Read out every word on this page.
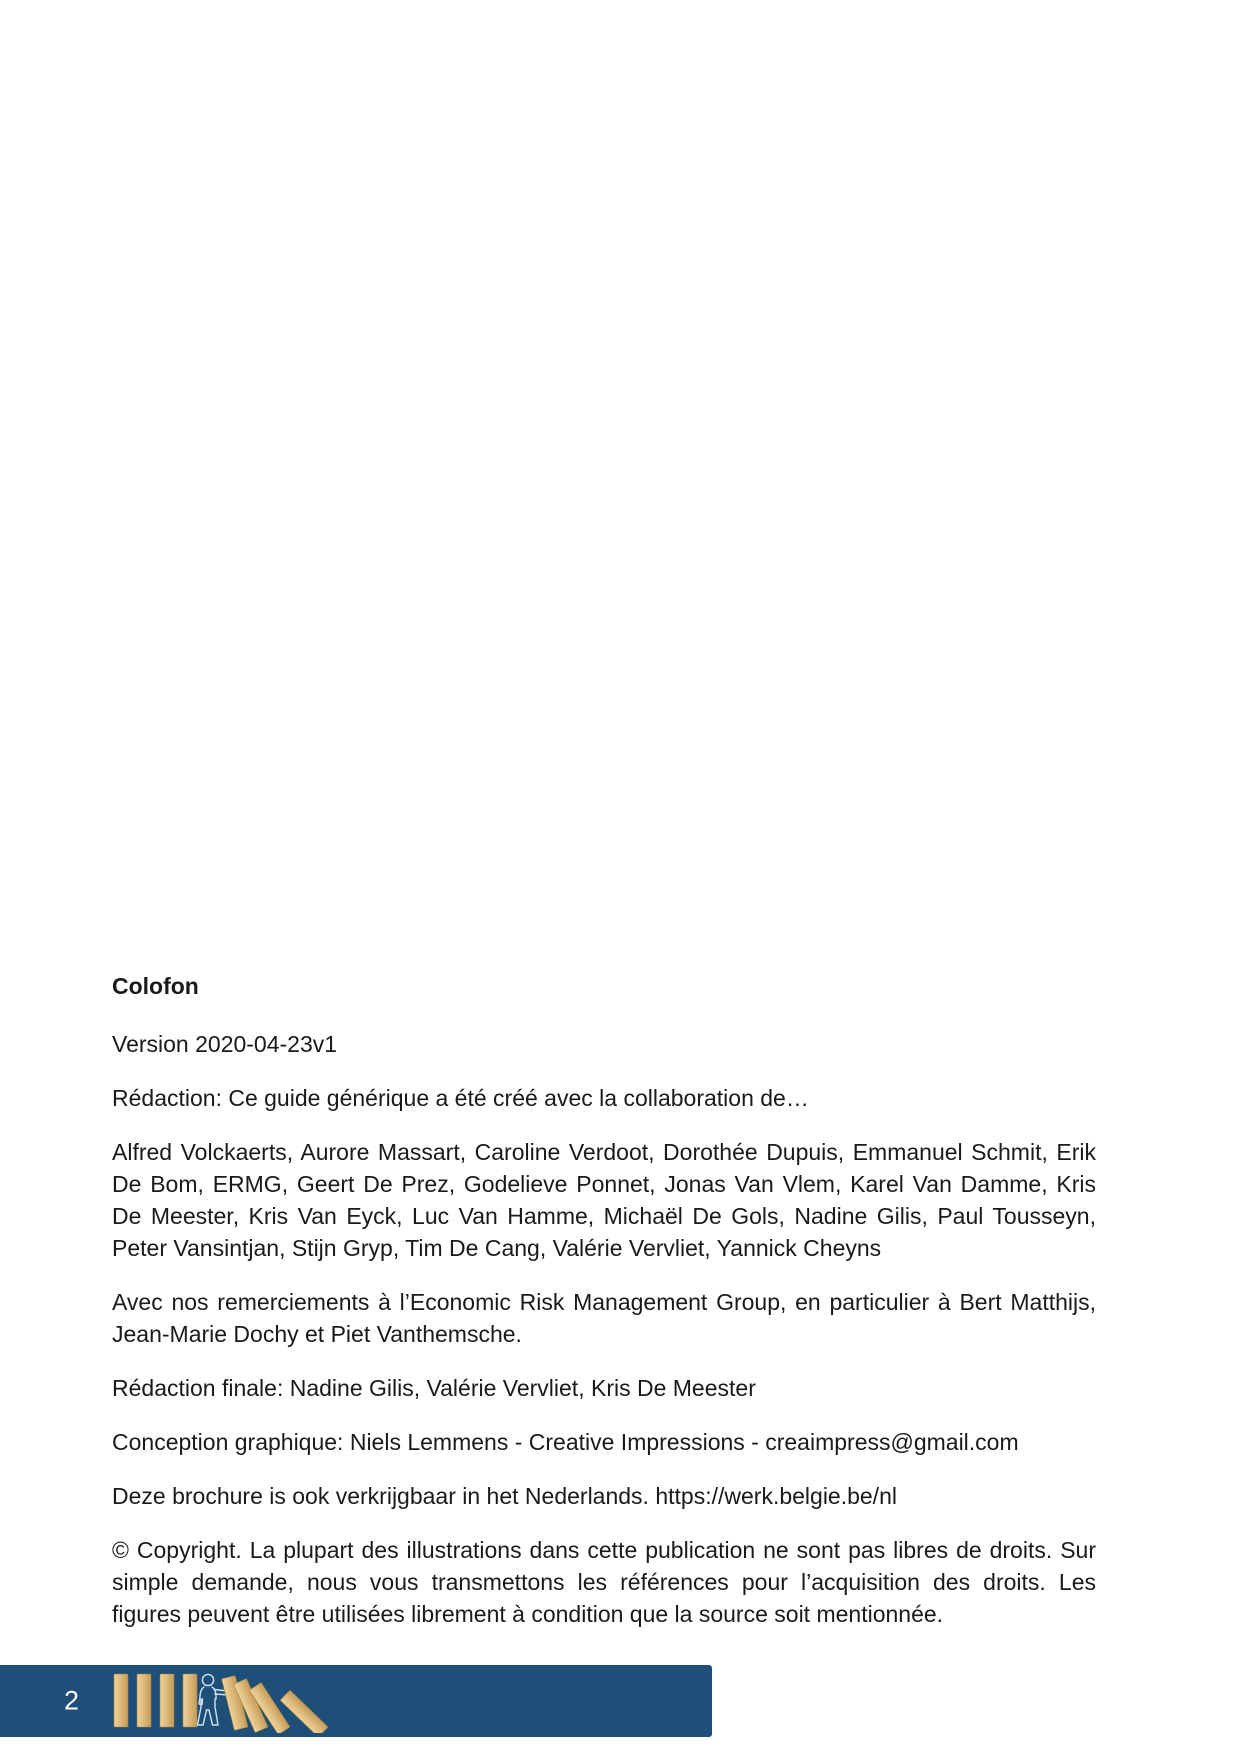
Colofon

Version 2020-04-23v1

Rédaction: Ce guide générique a été créé avec la collaboration de…

Alfred Volckaerts, Aurore Massart, Caroline Verdoot, Dorothée Dupuis, Emmanuel Schmit, Erik De Bom, ERMG, Geert De Prez, Godelieve Ponnet, Jonas Van Vlem, Karel Van Damme, Kris De Meester, Kris Van Eyck, Luc Van Hamme, Michaël De Gols, Nadine Gilis, Paul Tousseyn, Peter Vansintjan, Stijn Gryp, Tim De Cang, Valérie Vervliet, Yannick Cheyns

Avec nos remerciements à l’Economic Risk Management Group, en particulier à Bert Matthijs, Jean-Marie Dochy et Piet Vanthemsche.

Rédaction finale: Nadine Gilis, Valérie Vervliet, Kris De Meester

Conception graphique: Niels Lemmens - Creative Impressions - creaimpress@gmail.com

Deze brochure is ook verkrijgbaar in het Nederlands. https://werk.belgie.be/nl

© Copyright. La plupart des illustrations dans cette publication ne sont pas libres de droits. Sur simple demande, nous vous transmettons les références pour l’acquisition des droits. Les figures peuvent être utilisées librement à condition que la source soit mentionnée.

2
